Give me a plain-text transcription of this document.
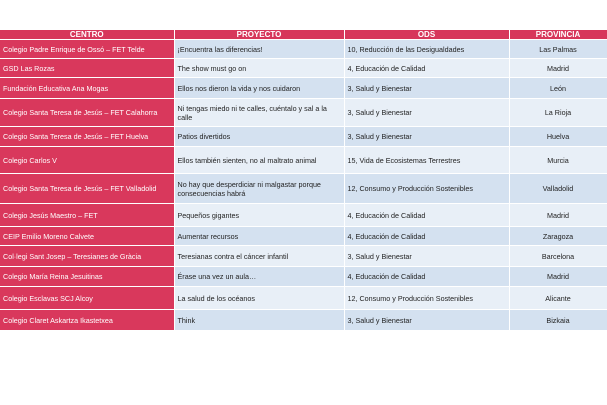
CENTRO	PROYECTO	ODS	PROVINCIA
Colegio Padre Enrique de Ossó – FET Telde	¡Encuentra las diferencias!	10, Reducción de las Desigualdades	Las Palmas
GSD Las Rozas	The show must go on	4, Educación de Calidad	Madrid
Fundación Educativa Ana Mogas	Ellos nos dieron la vida y nos cuidaron	3, Salud y Bienestar	León
Colegio Santa Teresa de Jesús – FET Calahorra	Ni tengas miedo ni te calles, cuéntalo y sal a la calle	3, Salud y Bienestar	La Rioja
Colegio Santa Teresa de Jesús – FET Huelva	Patios divertidos	3, Salud y Bienestar	Huelva
Colegio Carlos V	Ellos también sienten, no al maltrato animal	15, Vida de Ecosistemas Terrestres	Murcia
Colegio Santa Teresa de Jesús – FET Valladolid	No hay que desperdiciar ni malgastar porque consecuencias habrá	12, Consumo y Producción Sostenibles	Valladolid
Colegio Jesús Maestro – FET	Pequeños gigantes	4, Educación de Calidad	Madrid
CEIP Emilio Moreno Calvete	Aumentar recursos	4, Educación de Calidad	Zaragoza
Col·legi Sant Josep – Teresianes de Gràcia	Teresianas contra el cáncer infantil	3, Salud y Bienestar	Barcelona
Colegio María Reina Jesuitinas	Érase una vez un aula…	4, Educación de Calidad	Madrid
Colegio Esclavas SCJ Alcoy	La salud de los océanos	12, Consumo y Producción Sostenibles	Alicante
Colegio Claret Askartza Ikastetxea	Think	3, Salud y Bienestar	Bizkaia
